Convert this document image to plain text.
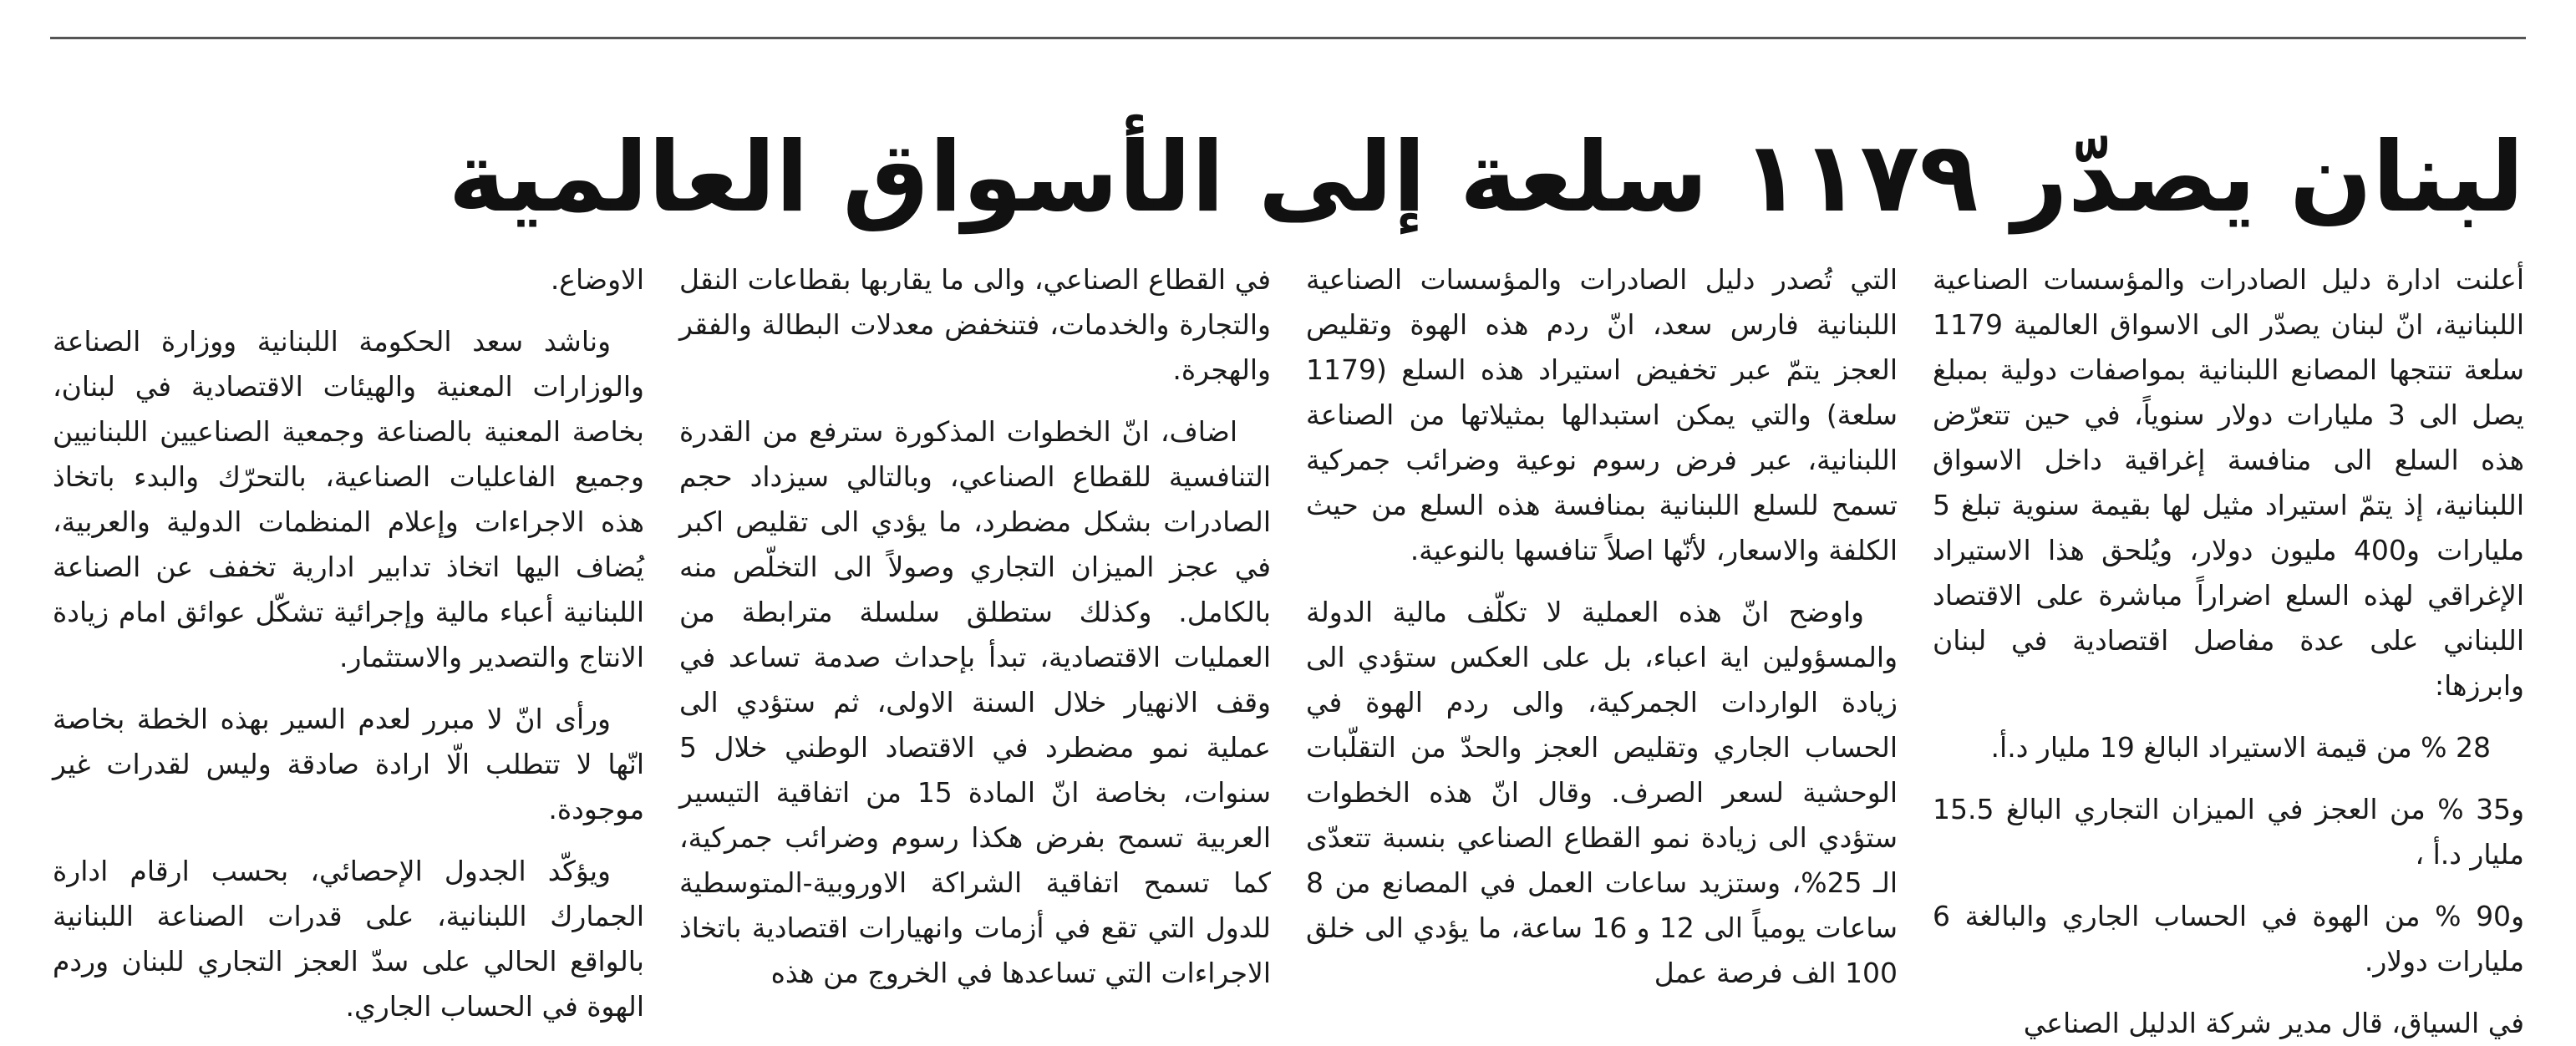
لبنان يصدّر ١١٧٩ سلعة إلى الأسواق العالمية

أعلنت ادارة دليل الصادرات والمؤسسات الصناعية اللبنانية، انّ لبنان يصدّر الى الاسواق العالمية 1179 سلعة تنتجها المصانع اللبنانية بمواصفات دولية بمبلغ يصل الى 3 مليارات دولار سنوياً، في حين تتعرّض هذه السلع الى منافسة إغراقية داخل الاسواق اللبنانية، إذ يتمّ استيراد مثيل لها بقيمة سنوية تبلغ 5 مليارات و400 مليون دولار، ويُلحق هذا الاستيراد الإغراقي لهذه السلع اضراراً مباشرة على الاقتصاد اللبناني على عدة مفاصل اقتصادية في لبنان وابرزها:

28 % من قيمة الاستيراد البالغ 19 مليار د.أ.

و35 % من العجز في الميزان التجاري البالغ 15.5 مليار د.أ ،

و90 % من الهوة في الحساب الجاري والبالغة 6 مليارات دولار.

في السياق، قال مدير شركة الدليل الصناعي

التي تُصدر دليل الصادرات والمؤسسات الصناعية اللبنانية فارس سعد، انّ ردم هذه الهوة وتقليص العجز يتمّ عبر تخفيض استيراد هذه السلع (1179 سلعة) والتي يمكن استبدالها بمثيلاتها من الصناعة اللبنانية، عبر فرض رسوم نوعية وضرائب جمركية تسمح للسلع اللبنانية بمنافسة هذه السلع من حيث الكلفة والاسعار، لأنّها اصلاً تنافسها بالنوعية.

واوضح انّ هذه العملية لا تكلّف مالية الدولة والمسؤولين اية اعباء، بل على العكس ستؤدي الى زيادة الواردات الجمركية، والى ردم الهوة في الحساب الجاري وتقليص العجز والحدّ من التقلّبات الوحشية لسعر الصرف. وقال انّ هذه الخطوات ستؤدي الى زيادة نمو القطاع الصناعي بنسبة تتعدّى الـ 25%، وستزيد ساعات العمل في المصانع من 8 ساعات يومياً الى 12 و 16 ساعة، ما يؤدي الى خلق 100 الف فرصة عمل

في القطاع الصناعي، والى ما يقاربها بقطاعات النقل والتجارة والخدمات، فتنخفض معدلات البطالة والفقر والهجرة.

اضاف، انّ الخطوات المذكورة سترفع من القدرة التنافسية للقطاع الصناعي، وبالتالي سيزداد حجم الصادرات بشكل مضطرد، ما يؤدي الى تقليص اكبر في عجز الميزان التجاري وصولاً الى التخلّص منه بالكامل. وكذلك ستطلق سلسلة مترابطة من العمليات الاقتصادية، تبدأ بإحداث صدمة تساعد في وقف الانهيار خلال السنة الاولى، ثم ستؤدي الى عملية نمو مضطرد في الاقتصاد الوطني خلال 5 سنوات، بخاصة انّ المادة 15 من اتفاقية التيسير العربية تسمح بفرض هكذا رسوم وضرائب جمركية، كما تسمح اتفاقية الشراكة الاوروبية-المتوسطية للدول التي تقع في أزمات وانهيارات اقتصادية باتخاذ الاجراءات التي تساعدها في الخروج من هذه

الاوضاع.

وناشد سعد الحكومة اللبنانية ووزارة الصناعة والوزارات المعنية والهيئات الاقتصادية في لبنان، بخاصة المعنية بالصناعة وجمعية الصناعيين اللبنانيين وجميع الفاعليات الصناعية، بالتحرّك والبدء باتخاذ هذه الاجراءات وإعلام المنظمات الدولية والعربية، يُضاف اليها اتخاذ تدابير ادارية تخفف عن الصناعة اللبنانية أعباء مالية وإجرائية تشكّل عوائق امام زيادة الانتاج والتصدير والاستثمار.

ورأى انّ لا مبرر لعدم السير بهذه الخطة بخاصة انّها لا تتطلب الّا ارادة صادقة وليس لقدرات غير موجودة.

ويؤكّد الجدول الإحصائي، بحسب ارقام ادارة الجمارك اللبنانية، على قدرات الصناعة اللبنانية بالواقع الحالي على سدّ العجز التجاري للبنان وردم الهوة في الحساب الجاري.
